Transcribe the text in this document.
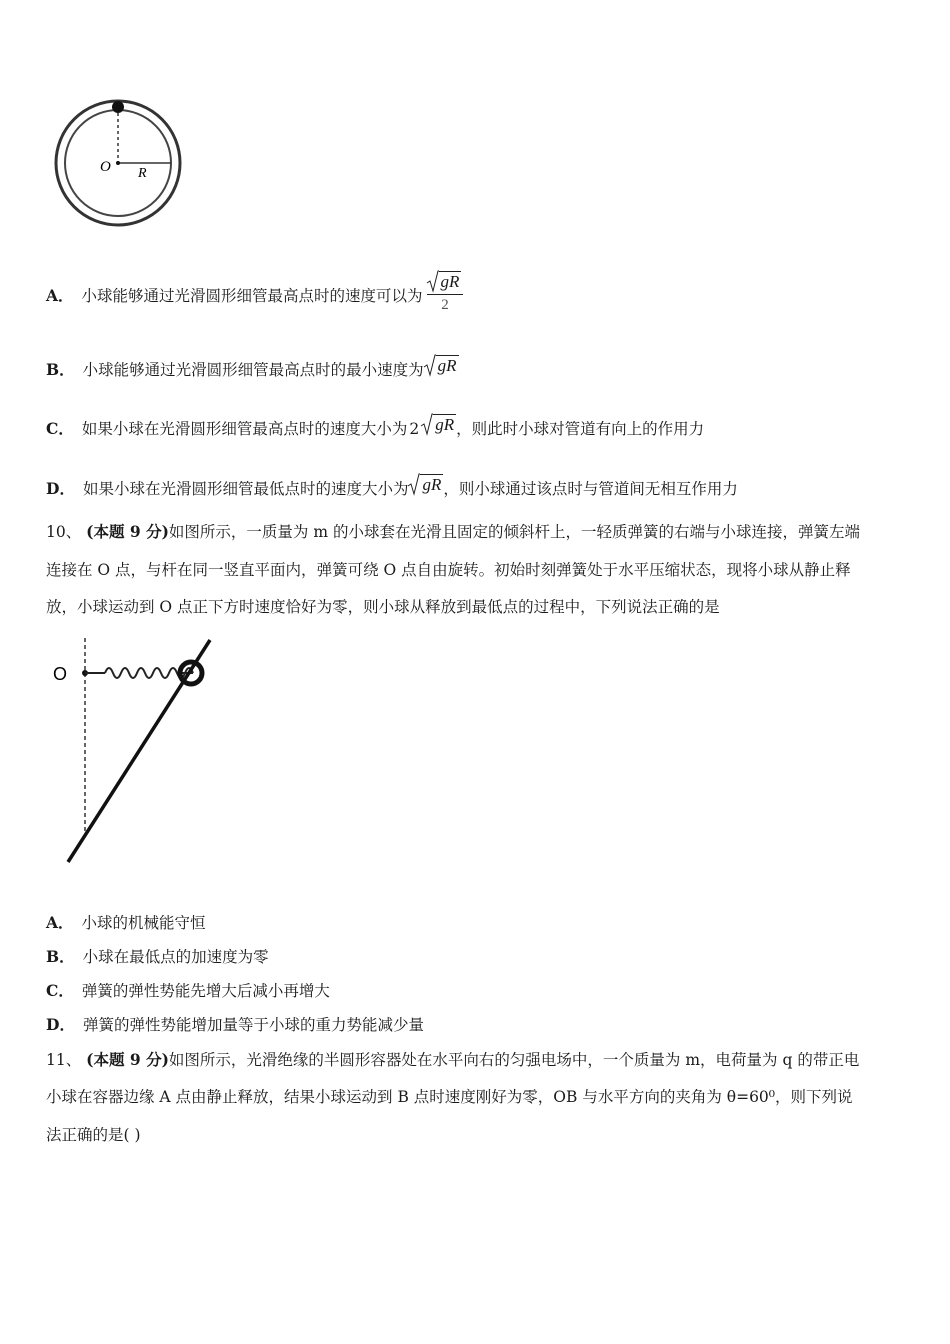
O R
A． 小球能够通过光滑圆形细管最高点时的速度可以为 $\frac{gR}{2}$
B． 小球能够通过光滑圆形细管最高点时的最小速度为 gR
C． 如果小球在光滑圆形细管最高点时的速度大小为 2 gR ，则此时小球对管道有向上的作用力
D． 如果小球在光滑圆形细管最低点时的速度大小为 gR ，则小球通过该点时与管道间无相互作用力
10、 (本题 9 分)如图所示，一质量为 m 的小球套在光滑且固定的倾斜杆上，一轻质弹簧的右端与小球连接，弹簧左端
连接在 O 点，与杆在同一竖直平面内，弹簧可绕 O 点自由旋转。初始时刻弹簧处于水平压缩状态，现将小球从静止释
放，小球运动到 O 点正下方时速度恰好为零，则小球从释放到最低点的过程中，下列说法正确的是
O
A． 小球的机械能守恒
B． 小球在最低点的加速度为零
C． 弹簧的弹性势能先增大后减小再增大
D． 弹簧的弹性势能增加量等于小球的重力势能减少量
11、 (本题 9 分)如图所示，光滑绝缘的半圆形容器处在水平向右的匀强电场中，一个质量为 m，电荷量为 q 的带正电
小球在容器边缘 A 点由静止释放，结果小球运动到 B 点时速度刚好为零，OB 与水平方向的夹角为 θ=60⁰，则下列说
法正确的是( )
